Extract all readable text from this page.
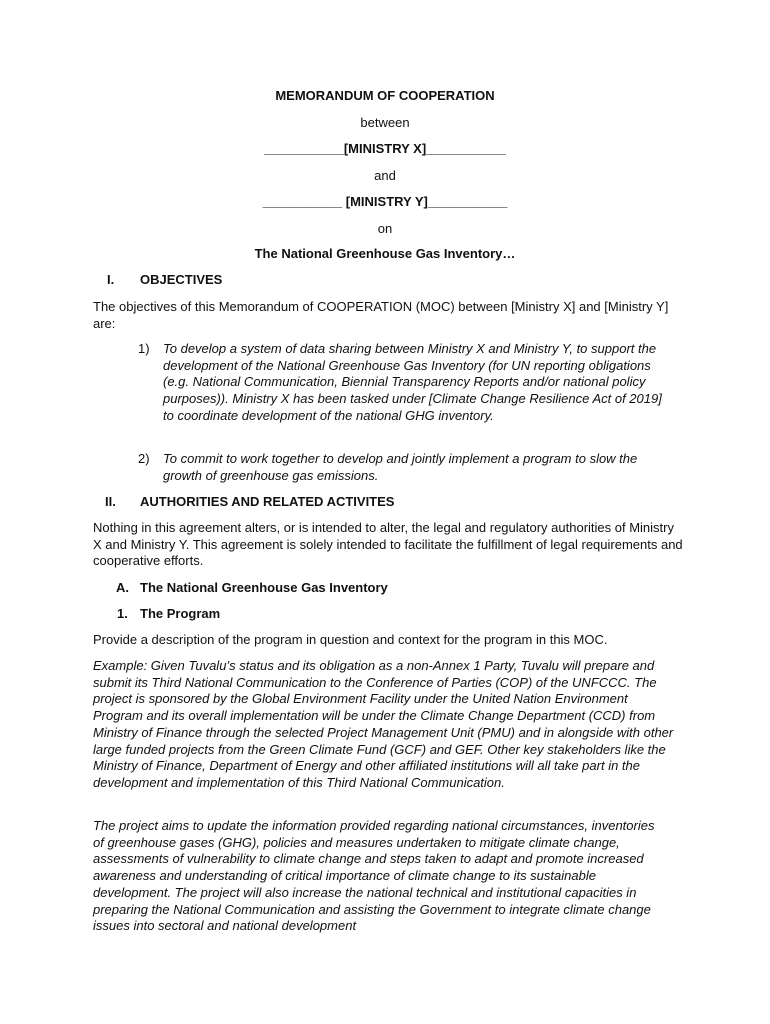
MEMORANDUM OF COOPERATION
between
___________[MINISTRY X]___________
and
___________ [MINISTRY Y]___________
on
The National Greenhouse Gas Inventory…
I. OBJECTIVES
The objectives of this Memorandum of COOPERATION (MOC) between [Ministry X] and [Ministry Y] are:
1) To develop a system of data sharing between Ministry X and Ministry Y, to support the development of the National Greenhouse Gas Inventory (for UN reporting obligations (e.g. National Communication, Biennial Transparency Reports and/or national policy purposes)). Ministry X has been tasked under [Climate Change Resilience Act of 2019] to coordinate development of the national GHG inventory.
2) To commit to work together to develop and jointly implement a program to slow the growth of greenhouse gas emissions.
II. AUTHORITIES AND RELATED ACTIVITES
Nothing in this agreement alters, or is intended to alter, the legal and regulatory authorities of Ministry X and Ministry Y. This agreement is solely intended to facilitate the fulfillment of legal requirements and cooperative efforts.
A. The National Greenhouse Gas Inventory
1. The Program
Provide a description of the program in question and context for the program in this MOC.
Example: Given Tuvalu’s status and its obligation as a non-Annex 1 Party, Tuvalu will prepare and submit its Third National Communication to the Conference of Parties (COP) of the UNFCCC. The project is sponsored by the Global Environment Facility under the United Nation Environment Program and its overall implementation will be under the Climate Change Department (CCD) from Ministry of Finance through the selected Project Management Unit (PMU) and in alongside with other large funded projects from the Green Climate Fund (GCF) and GEF. Other key stakeholders like the Ministry of Finance, Department of Energy and other affiliated institutions will all take part in the development and implementation of this Third National Communication.
The project aims to update the information provided regarding national circumstances, inventories of greenhouse gases (GHG), policies and measures undertaken to mitigate climate change, assessments of vulnerability to climate change and steps taken to adapt and promote increased awareness and understanding of critical importance of climate change to its sustainable development. The project will also increase the national technical and institutional capacities in preparing the National Communication and assisting the Government to integrate climate change issues into sectoral and national development
